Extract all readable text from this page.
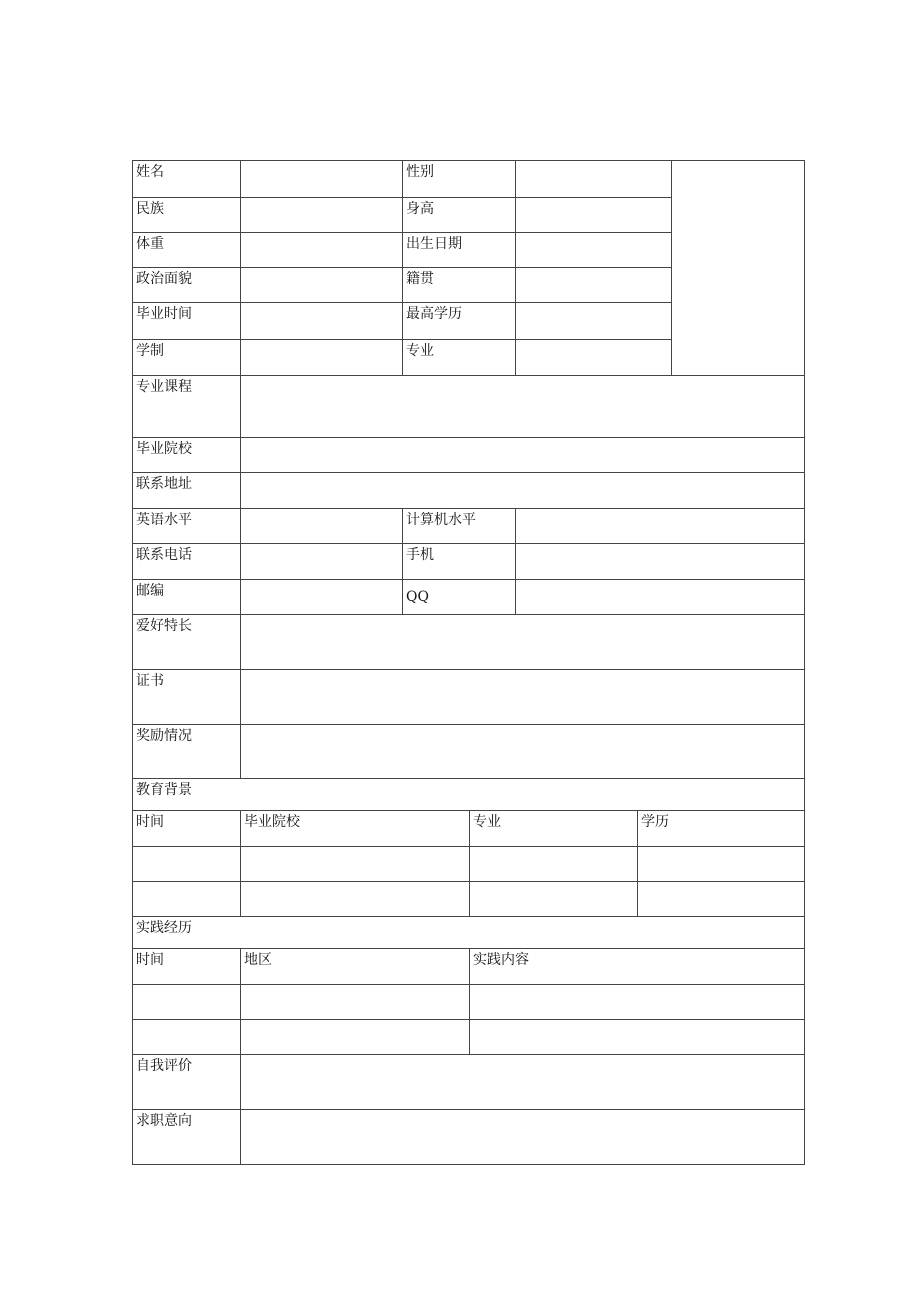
姓名	性别
民族	身高
体重	出生日期
政治面貌	籍贯
毕业时间	最高学历
学制	专业
专业课程
毕业院校
联系地址
英语水平	计算机水平
联系电话	手机
邮编	QQ
爱好特长
证书
奖励情况
教育背景
时间	毕业院校	专业	学历
实践经历
时间	地区	实践内容
自我评价
求职意向
